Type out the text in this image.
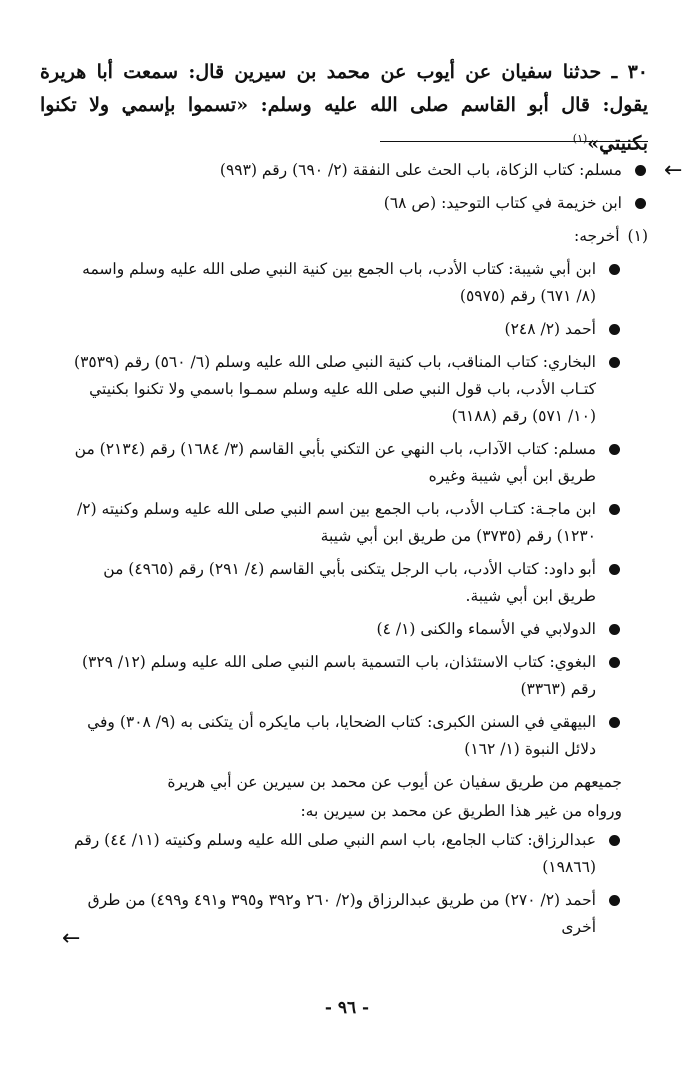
٣٠ ـ حدثنا سفيان عن أيوب عن محمد بن سيرين قال: سمعت أبا هريرة يقول: قال أبو القاسم صلى الله عليه وسلم: «تسموا بإسمي ولا تكنوا بكنيتي»$^{(١)}$
←
←
مسلم: كتاب الزكاة، باب الحث على النفقة (٢/ ٦٩٠) رقم (٩٩٣)
ابن خزيمة في كتاب التوحيد: (ص ٦٨)
(١)أخرجه:
ابن أبي شيبة: كتاب الأدب، باب الجمع بين كنية النبي صلى الله عليه وسلم واسمه (٨/ ٦٧١) رقم (٥٩٧٥)
أحمد (٢/ ٢٤٨)
البخاري: كتاب المناقب، باب كنية النبي صلى الله عليه وسلم (٦/ ٥٦٠) رقم (٣٥٣٩) كتـاب الأدب، باب قول النبي صلى الله عليه وسلم سمـوا باسمي ولا تكنوا بكنيتي (١٠/ ٥٧١) رقم (٦١٨٨)
مسلم: كتاب الآداب، باب النهي عن التكني بأبي القاسم (٣/ ١٦٨٤) رقم (٢١٣٤) من طريق ابن أبي شيبة وغيره
ابن ماجـة: كتـاب الأدب، باب الجمع بين اسم النبي صلى الله عليه وسلم وكنيته (٢/ ١٢٣٠) رقم (٣٧٣٥) من طريق ابن أبي شيبة
أبو داود: كتاب الأدب، باب الرجل يتكنى بأبي القاسم (٤/ ٢٩١) رقم (٤٩٦٥) من طريق ابن أبي شيبة.
الدولابي في الأسماء والكنى (١/ ٤)
البغوي: كتاب الاستئذان، باب التسمية باسم النبي صلى الله عليه وسلم (١٢/ ٣٢٩) رقم (٣٣٦٣)
البيهقي في السنن الكبرى: كتاب الضحايا، باب مايكره أن يتكنى به (٩/ ٣٠٨) وفي دلائل النبوة (١/ ١٦٢)
جميعهم من طريق سفيان عن أيوب عن محمد بن سيرين عن أبي هريرة
ورواه من غير هذا الطريق عن محمد بن سيرين به:
عبدالرزاق: كتاب الجامع، باب اسم النبي صلى الله عليه وسلم وكنيته (١١/ ٤٤) رقم (١٩٨٦٦)
أحمد (٢/ ٢٧٠) من طريق عبدالرزاق و(٢/ ٢٦٠ و٣٩٢ و٣٩٥ و٤٩١ و٤٩٩) من طرق أخرى
- ٩٦ -
